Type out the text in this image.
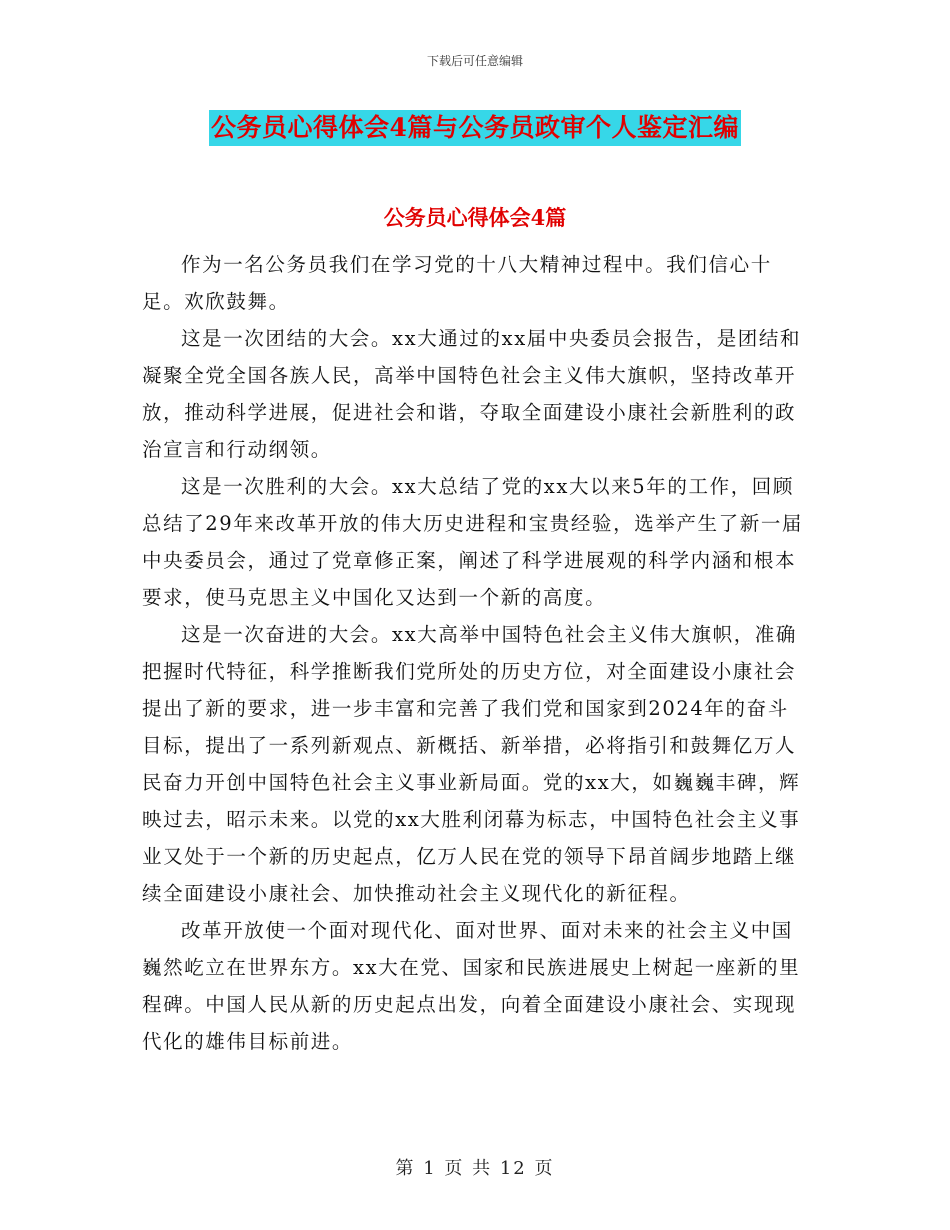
下载后可任意编辑
公务员心得体会4篇与公务员政审个人鉴定汇编
公务员心得体会4篇

作为一名公务员我们在学习党的十八大精神过程中。我们信心十足。欢欣鼓舞。

这是一次团结的大会。xx大通过的xx届中央委员会报告，是团结和凝聚全党全国各族人民，高举中国特色社会主义伟大旗帜，坚持改革开放，推动科学进展，促进社会和谐，夺取全面建设小康社会新胜利的政治宣言和行动纲领。

这是一次胜利的大会。xx大总结了党的xx大以来5年的工作，回顾总结了29年来改革开放的伟大历史进程和宝贵经验，选举产生了新一届中央委员会，通过了党章修正案，阐述了科学进展观的科学内涵和根本要求，使马克思主义中国化又达到一个新的高度。

这是一次奋进的大会。xx大高举中国特色社会主义伟大旗帜，准确把握时代特征，科学推断我们党所处的历史方位，对全面建设小康社会提出了新的要求，进一步丰富和完善了我们党和国家到2024年的奋斗目标，提出了一系列新观点、新概括、新举措，必将指引和鼓舞亿万人民奋力开创中国特色社会主义事业新局面。党的xx大，如巍巍丰碑，辉映过去，昭示未来。以党的xx大胜利闭幕为标志，中国特色社会主义事业又处于一个新的历史起点，亿万人民在党的领导下昂首阔步地踏上继续全面建设小康社会、加快推动社会主义现代化的新征程。

改革开放使一个面对现代化、面对世界、面对未来的社会主义中国巍然屹立在世界东方。xx大在党、国家和民族进展史上树起一座新的里程碑。中国人民从新的历史起点出发，向着全面建设小康社会、实现现代化的雄伟目标前进。

第 1 页 共 12 页
